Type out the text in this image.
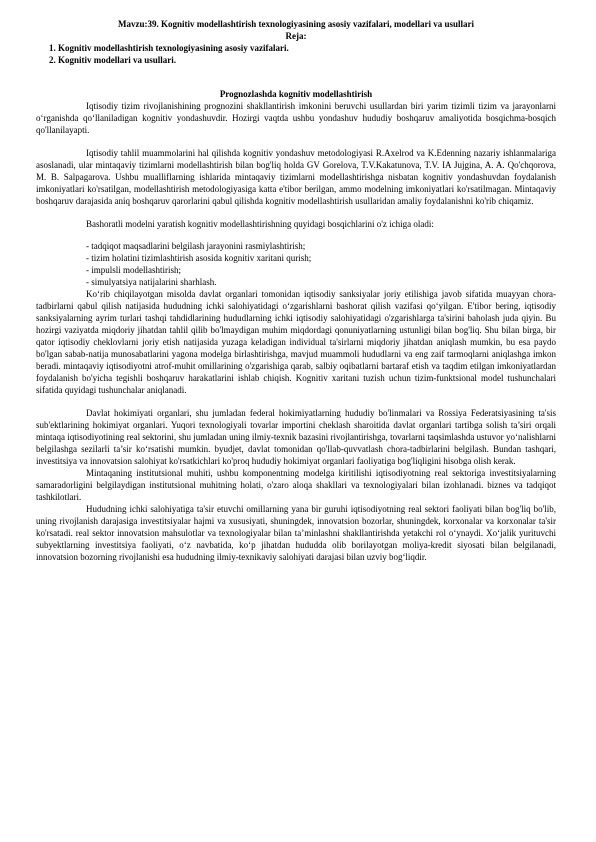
Mavzu:39. Kognitiv modellashtirish texnologiyasining asosiy vazifalari, modellari va usullari
Reja:
1. Kognitiv modellashtirish texnologiyasining asosiy vazifalari.
2. Kognitiv modellari va usullari.
Prognozlashda kognitiv modellashtirish

Iqtisodiy tizim rivojlanishining prognozini shakllantirish imkonini beruvchi usullardan biri yarim tizimli tizim va jarayonlarni o‘rganishda qo‘llaniladigan kognitiv yondashuvdir. Hozirgi vaqtda ushbu yondashuv hududiy boshqaruv amaliyotida bosqichma-bosqich qo'llanilayapti.

Iqtisodiy tahlil muammolarini hal qilishda kognitiv yondashuv metodologiyasi R.Axelrod va K.Edenning nazariy ishlanmalariga asoslanadi, ular mintaqaviy tizimlarni modellashtirish bilan bog'liq holda GV Gorelova, T.V.Kakatunova, T.V. IA Jujgina, A. A. Qo'chqorova, M. B. Salpagarova. Ushbu mualliflarning ishlarida mintaqaviy tizimlarni modellashtirishga nisbatan kognitiv yondashuvdan foydalanish imkoniyatlari ko'rsatilgan, modellashtirish metodologiyasiga katta e'tibor berilgan, ammo modelning imkoniyatlari ko'rsatilmagan. Mintaqaviy boshqaruv darajasida aniq boshqaruv qarorlarini qabul qilishda kognitiv modellashtirish usullaridan amaliy foydalanishni ko'rib chiqamiz.

Bashoratli modelni yaratish kognitiv modellashtirishning quyidagi bosqichlarini o'z ichiga oladi:

- tadqiqot maqsadlarini belgilash jarayonini rasmiylashtirish;
- tizim holatini tizimlashtirish asosida kognitiv xaritani qurish;
- impulsli modellashtirish;
- simulyatsiya natijalarini sharhlash.

Ko‘rib chiqilayotgan misolda davlat organlari tomonidan iqtisodiy sanksiyalar joriy etilishiga javob sifatida muayyan chora-tadbirlarni qabul qilish natijasida hududning ichki salohiyatidagi o‘zgarishlarni bashorat qilish vazifasi qo‘yilgan. E'tibor bering, iqtisodiy sanksiyalarning ayrim turlari tashqi tahdidlarining hududlarning ichki iqtisodiy salohiyatidagi o'zgarishlarga ta'sirini baholash juda qiyin. Bu hozirgi vaziyatda miqdoriy jihatdan tahlil qilib bo'lmaydigan muhim miqdordagi qonuniyatlarning ustunligi bilan bog'liq. Shu bilan birga, bir qator iqtisodiy cheklovlarni joriy etish natijasida yuzaga keladigan individual ta'sirlarni miqdoriy jihatdan aniqlash mumkin, bu esa paydo bo'lgan sabab-natija munosabatlarini yagona modelga birlashtirishga, mavjud muammoli hududlarni va eng zaif tarmoqlarni aniqlashga imkon beradi. mintaqaviy iqtisodiyotni atrof-muhit omillarining o'zgarishiga qarab, salbiy oqibatlarni bartaraf etish va taqdim etilgan imkoniyatlardan foydalanish bo'yicha tegishli boshqaruv harakatlarini ishlab chiqish. Kognitiv xaritani tuzish uchun tizim-funktsional model tushunchalari sifatida quyidagi tushunchalar aniqlanadi.

Davlat hokimiyati organlari, shu jumladan federal hokimiyatlarning hududiy bo'linmalari va Rossiya Federatsiyasining ta'sis sub'ektlarining hokimiyat organlari. Yuqori texnologiyali tovarlar importini cheklash sharoitida davlat organlari tartibga solish ta’siri orqali mintaqa iqtisodiyotining real sektorini, shu jumladan uning ilmiy-texnik bazasini rivojlantirishga, tovarlarni taqsimlashda ustuvor yo‘nalishlarni belgilashga sezilarli ta’sir ko‘rsatishi mumkin. byudjet, davlat tomonidan qo'llab-quvvatlash chora-tadbirlarini belgilash. Bundan tashqari, investitsiya va innovatsion salohiyat ko'rsatkichlari ko'proq hududiy hokimiyat organlari faoliyatiga bog'liqligini hisobga olish kerak.

Mintaqaning institutsional muhiti, ushbu komponentning modelga kiritilishi iqtisodiyotning real sektoriga investitsiyalarning samaradorligini belgilaydigan institutsional muhitning holati, o'zaro aloqa shakllari va texnologiyalari bilan izohlanadi. biznes va tadqiqot tashkilotlari.

Hududning ichki salohiyatiga ta'sir etuvchi omillarning yana bir guruhi iqtisodiyotning real sektori faoliyati bilan bog'liq bo'lib, uning rivojlanish darajasiga investitsiyalar hajmi va xususiyati, shuningdek, innovatsion bozorlar, shuningdek, korxonalar va korxonalar ta'sir ko'rsatadi. real sektor innovatsion mahsulotlar va texnologiyalar bilan ta’minlashni shakllantirishda yetakchi rol o‘ynaydi. Xo‘jalik yurituvchi subyektlarning investitsiya faoliyati, o‘z navbatida, ko‘p jihatdan hududda olib borilayotgan moliya-kredit siyosati bilan belgilanadi, innovatsion bozorning rivojlanishi esa hududning ilmiy-texnikaviy salohiyati darajasi bilan uzviy bog‘liqdir.
